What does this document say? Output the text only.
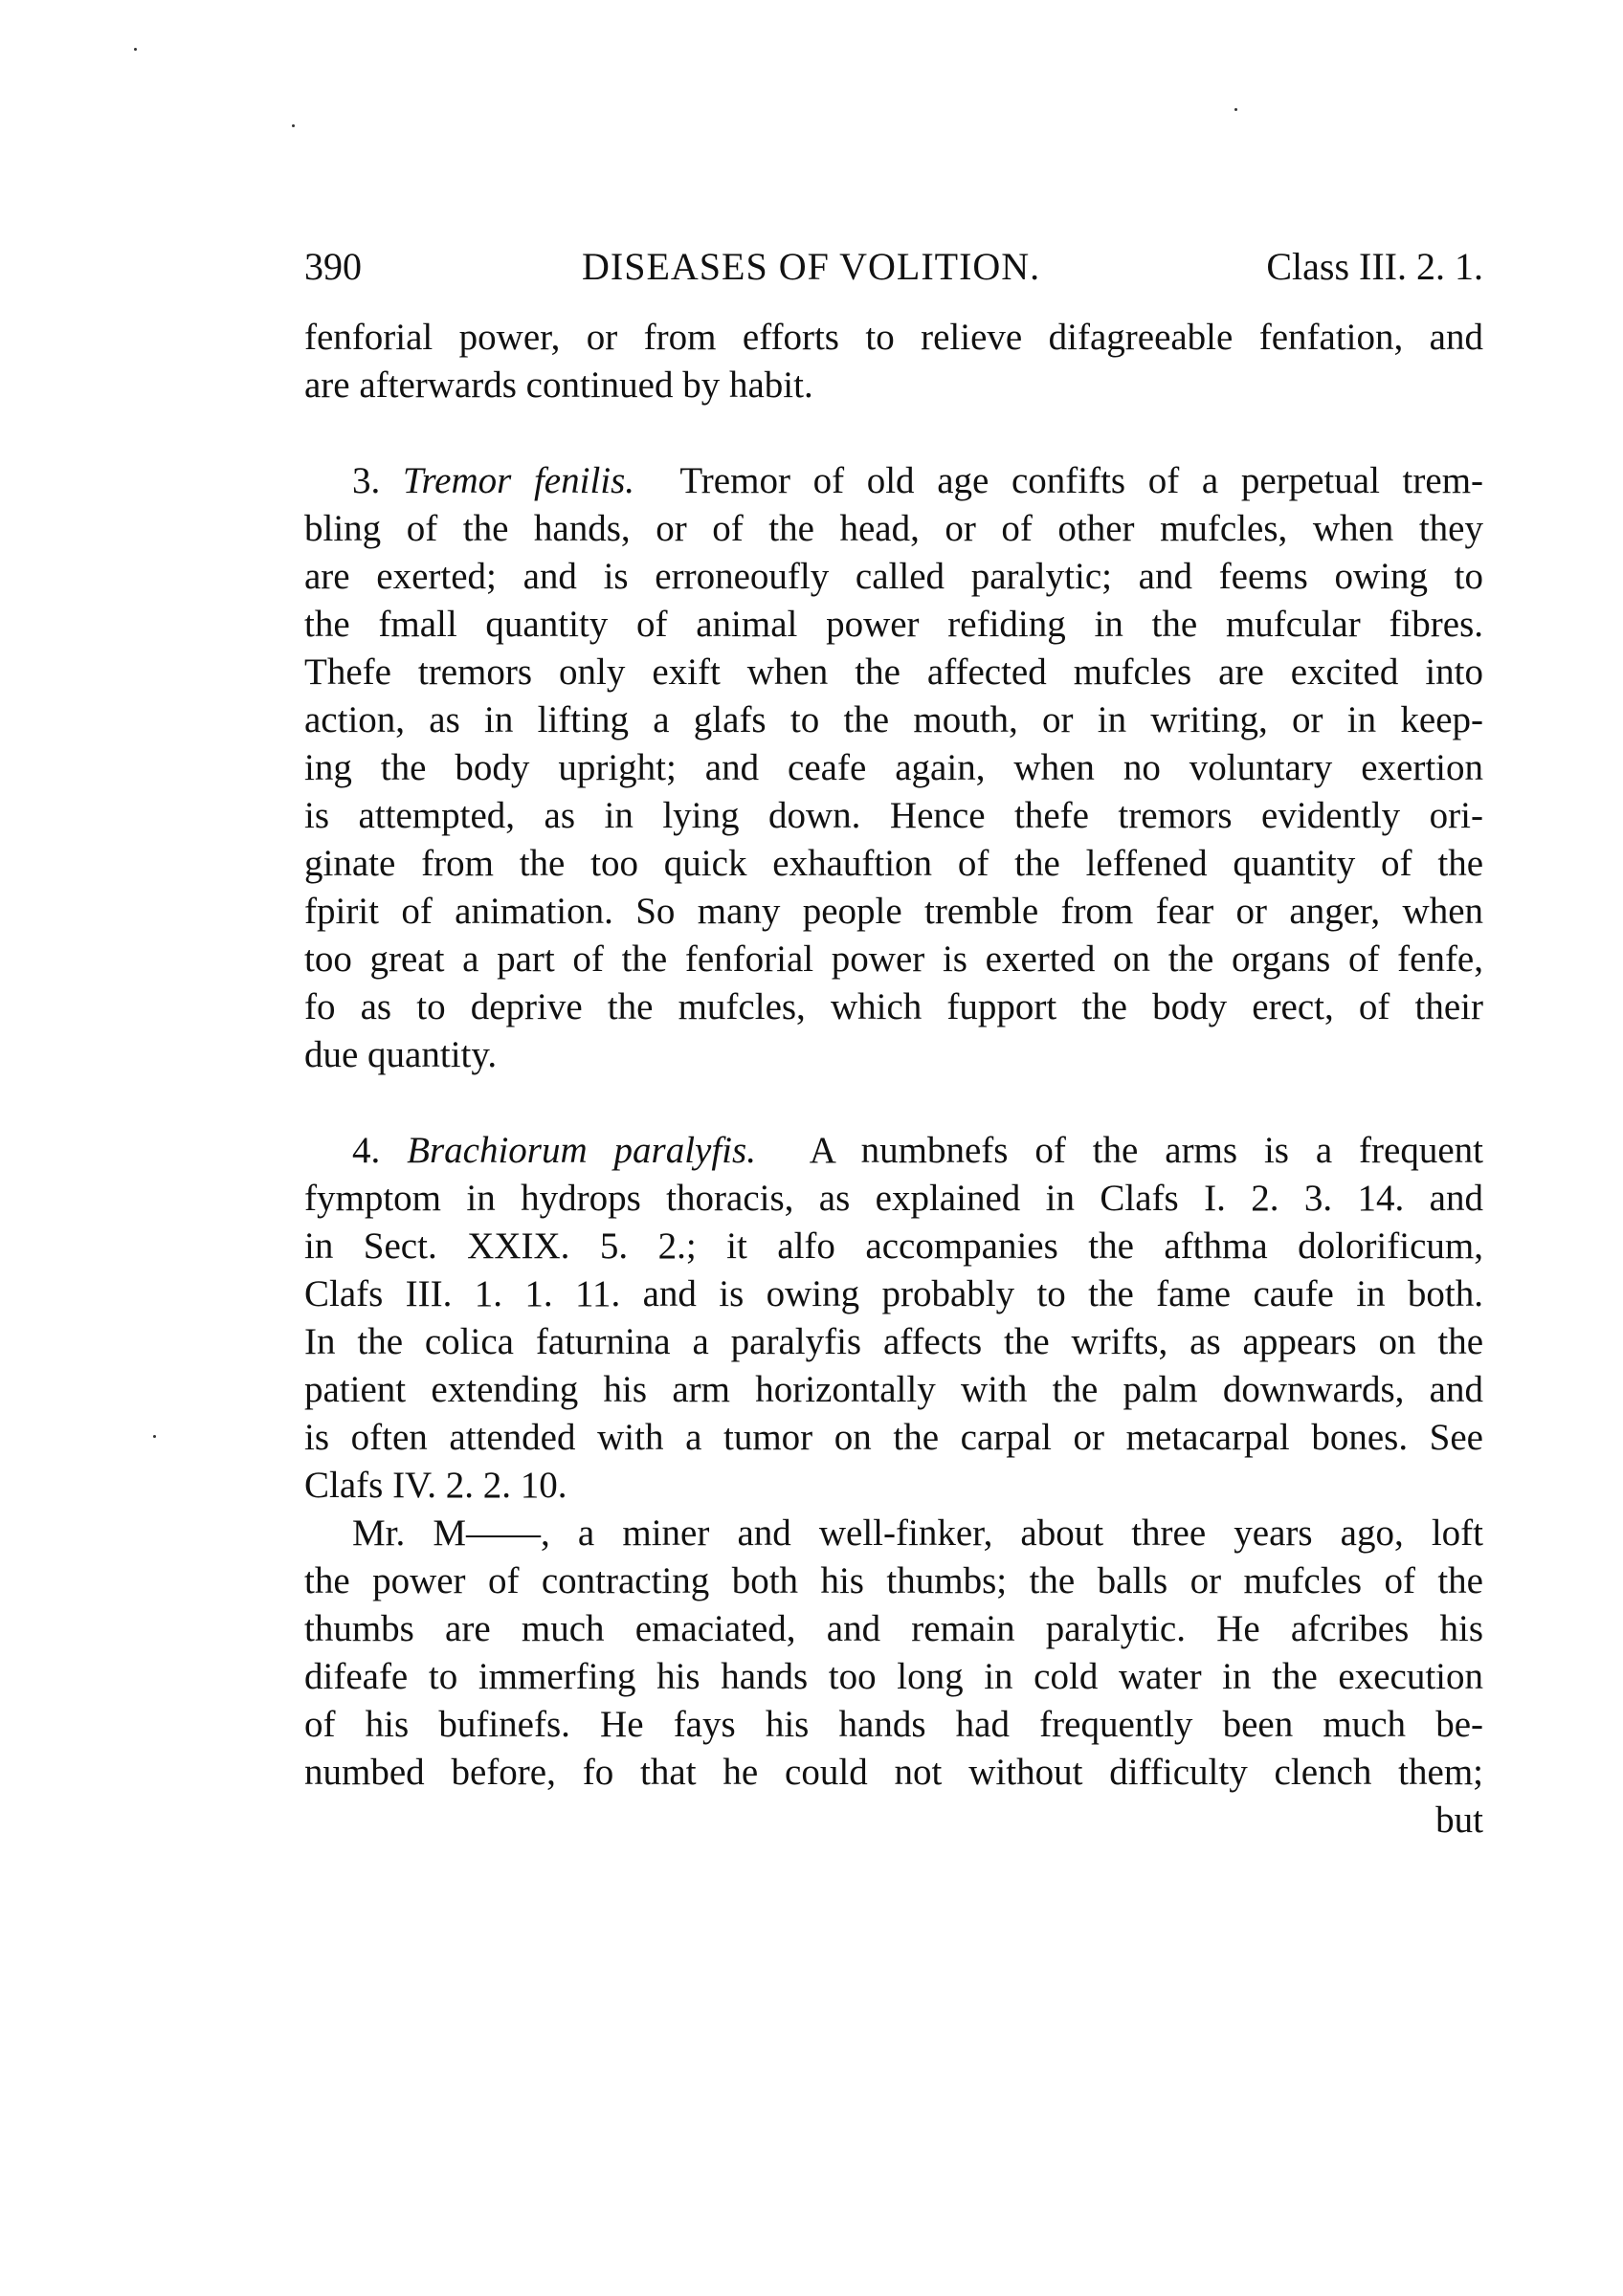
390	DISEASES OF VOLITION.	Class III. 2. 1.
fenforial power, or from efforts to relieve difagreeable fenfation, and
are afterwards continued by habit.
3. Tremor fenilis. Tremor of old age confifts of a perpetual trem-
bling of the hands, or of the head, or of other mufcles, when they
are exerted; and is erroneoufly called paralytic; and feems owing to
the fmall quantity of animal power refiding in the mufcular fibres.
Thefe tremors only exift when the affected mufcles are excited into
action, as in lifting a glafs to the mouth, or in writing, or in keep-
ing the body upright; and ceafe again, when no voluntary exertion
is attempted, as in lying down. Hence thefe tremors evidently ori-
ginate from the too quick exhauftion of the leffened quantity of the
fpirit of animation. So many people tremble from fear or anger, when
too great a part of the fenforial power is exerted on the organs of fenfe,
fo as to deprive the mufcles, which fupport the body erect, of their
due quantity.
4. Brachiorum paralyfis. A numbnefs of the arms is a frequent
fymptom in hydrops thoracis, as explained in Clafs I. 2. 3. 14. and
in Sect. XXIX. 5. 2.; it alfo accompanies the afthma dolorificum,
Clafs III. 1. 1. 11. and is owing probably to the fame caufe in both.
In the colica faturnina a paralyfis affects the wrifts, as appears on the
patient extending his arm horizontally with the palm downwards, and
is often attended with a tumor on the carpal or metacarpal bones. See
Clafs IV. 2. 2. 10.
Mr. M——, a miner and well-finker, about three years ago, loft
the power of contracting both his thumbs; the balls or mufcles of the
thumbs are much emaciated, and remain paralytic. He afcribes his
difeafe to immerfing his hands too long in cold water in the execution
of his bufinefs. He fays his hands had frequently been much be-
numbed before, fo that he could not without difficulty clench them;
but
